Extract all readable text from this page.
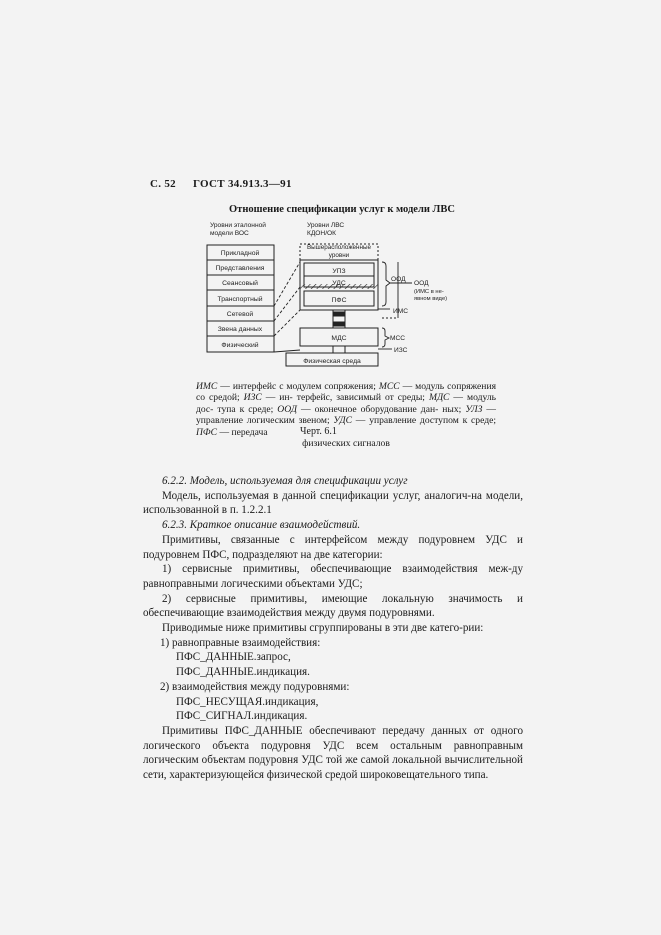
С. 52 ГОСТ 34.913.3—91
Отношение спецификации услуг к модели ЛВС
Уровни эталонной
модели ВОС
Уровни ЛВС
КДОН/ОК
Прикладной
Представления
Сеансовый
Транспортный
Сетевой
Звена данных
Физический
Вышерасположенные
уровни
УПЗ
УДС
ПФС
МДС
Физическая среда
ООД
ООД
(ИМС в не-
явном виде)
ИМС
МСС
ИЗС
ИМС — интерфейс с модулем сопряжения; МСС — модуль сопряжения со средой; ИЗС — ин- терфейс, зависимый от среды; МДС — модуль дос- тупа к среде; ООД — оконечное оборудование дан- ных; УЛЗ — управление логическим звеном; УДС — управление доступом к среде; ПФС — передача
физических сигналов
Черт. 6.1

6.2.2. Модель, используемая для спецификации услуг

Модель, используемая в данной спецификации услуг, аналогич-на модели, использованной в п. 1.2.2.1

6.2.3. Краткое описание взаимодействий.

Примитивы, связанные с интерфейсом между подуровнем УДС и подуровнем ПФС, подразделяют на две категории:

1) сервисные примитивы, обеспечивающие взаимодействия меж-ду равноправными логическими объектами УДС;

2) сервисные примитивы, имеющие локальную значимость и обеспечивающие взаимодействия между двумя подуровнями.

Приводимые ниже примитивы сгруппированы в эти две катего-рии:

1) равноправные взаимодействия:

ПФС_ДАННЫЕ.запрос,

ПФС_ДАННЫЕ.индикация.

2) взаимодействия между подуровнями:

ПФС_НЕСУЩАЯ.индикация,

ПФС_СИГНАЛ.индикация.

Примитивы ПФС_ДАННЫЕ обеспечивают передачу данных от одного логического объекта подуровня УДС всем остальным равноправным логическим объектам подуровня УДС той же самой локальной вычислительной сети, характеризующейся физической средой широковещательного типа.
